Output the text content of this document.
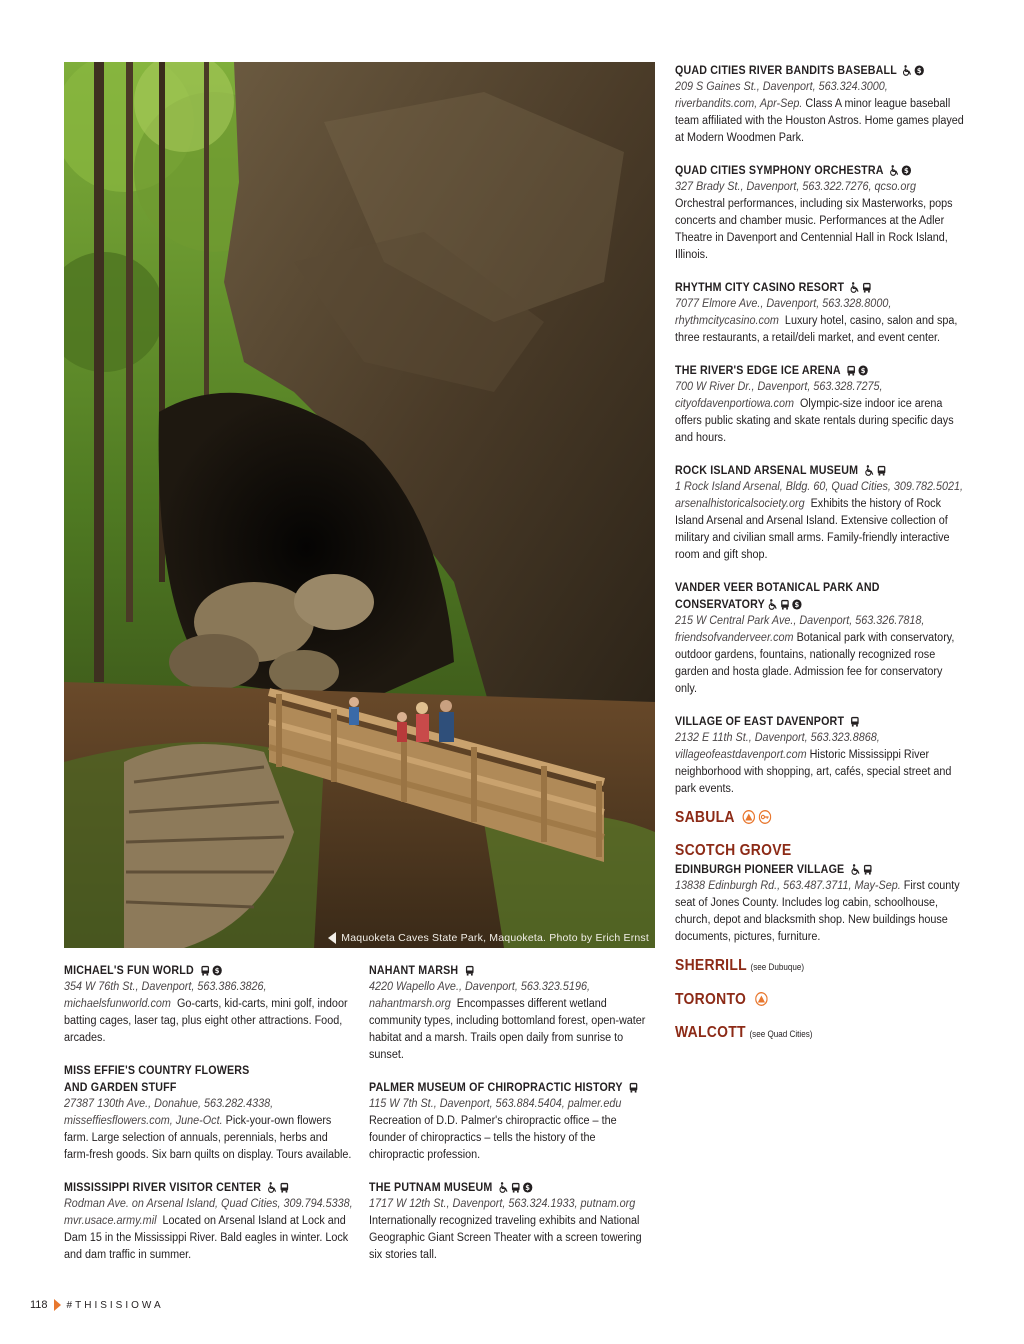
Maquoketa Caves State Park, Maquoketa. Photo by Erich Ernst
MICHAEL'S FUN WORLD
354 W 76th St., Davenport, 563.386.3826, michaelsfunworld.com Go-carts, kid-carts, mini golf, indoor batting cages, laser tag, plus eight other attractions. Food, arcades.
MISS EFFIE'S COUNTRY FLOWERS AND GARDEN STUFF
27387 130th Ave., Donahue, 563.282.4338, misseffiesflowers.com, June-Oct. Pick-your-own flowers farm. Large selection of annuals, perennials, herbs and farm-fresh goods. Six barn quilts on display. Tours available.
MISSISSIPPI RIVER VISITOR CENTER
Rodman Ave. on Arsenal Island, Quad Cities, 309.794.5338, mvr.usace.army.mil Located on Arsenal Island at Lock and Dam 15 in the Mississippi River. Bald eagles in winter. Lock and dam traffic in summer.
NAHANT MARSH
4220 Wapello Ave., Davenport, 563.323.5196, nahantmarsh.org Encompasses different wetland community types, including bottomland forest, open-water habitat and a marsh. Trails open daily from sunrise to sunset.
PALMER MUSEUM OF CHIROPRACTIC HISTORY
115 W 7th St., Davenport, 563.884.5404, palmer.edu Recreation of D.D. Palmer's chiropractic office – the founder of chiropractics – tells the history of the chiropractic profession.
THE PUTNAM MUSEUM
1717 W 12th St., Davenport, 563.324.1933, putnam.org Internationally recognized traveling exhibits and National Geographic Giant Screen Theater with a screen towering six stories tall.
QUAD CITIES RIVER BANDITS BASEBALL
209 S Gaines St., Davenport, 563.324.3000, riverbandits.com, Apr-Sep. Class A minor league baseball team affiliated with the Houston Astros. Home games played at Modern Woodmen Park.
QUAD CITIES SYMPHONY ORCHESTRA
327 Brady St., Davenport, 563.322.7276, qcso.org Orchestral performances, including six Masterworks, pops concerts and chamber music. Performances at the Adler Theatre in Davenport and Centennial Hall in Rock Island, Illinois.
RHYTHM CITY CASINO RESORT
7077 Elmore Ave., Davenport, 563.328.8000, rhythmcitycasino.com Luxury hotel, casino, salon and spa, three restaurants, a retail/deli market, and event center.
THE RIVER'S EDGE ICE ARENA
700 W River Dr., Davenport, 563.328.7275, cityofdavenportiowa.com Olympic-size indoor ice arena offers public skating and skate rentals during specific days and hours.
ROCK ISLAND ARSENAL MUSEUM
1 Rock Island Arsenal, Bldg. 60, Quad Cities, 309.782.5021, arsenalhistoricalsociety.org Exhibits the history of Rock Island Arsenal and Arsenal Island. Extensive collection of military and civilian small arms. Family-friendly interactive room and gift shop.
VANDER VEER BOTANICAL PARK AND CONSERVATORY
215 W Central Park Ave., Davenport, 563.326.7818, friendsofvanderveer.com Botanical park with conservatory, outdoor gardens, fountains, nationally recognized rose garden and hosta glade. Admission fee for conservatory only.
VILLAGE OF EAST DAVENPORT
2132 E 11th St., Davenport, 563.323.8868, villageofeastdavenport.com Historic Mississippi River neighborhood with shopping, art, cafés, special street and park events.
SABULA
SCOTCH GROVE
EDINBURGH PIONEER VILLAGE
13838 Edinburgh Rd., 563.487.3711, May-Sep. First county seat of Jones County. Includes log cabin, schoolhouse, church, depot and blacksmith shop. New buildings house documents, pictures, furniture.
SHERRILL (see Dubuque)
TORONTO
WALCOTT (see Quad Cities)
118 #THISISIOWA
